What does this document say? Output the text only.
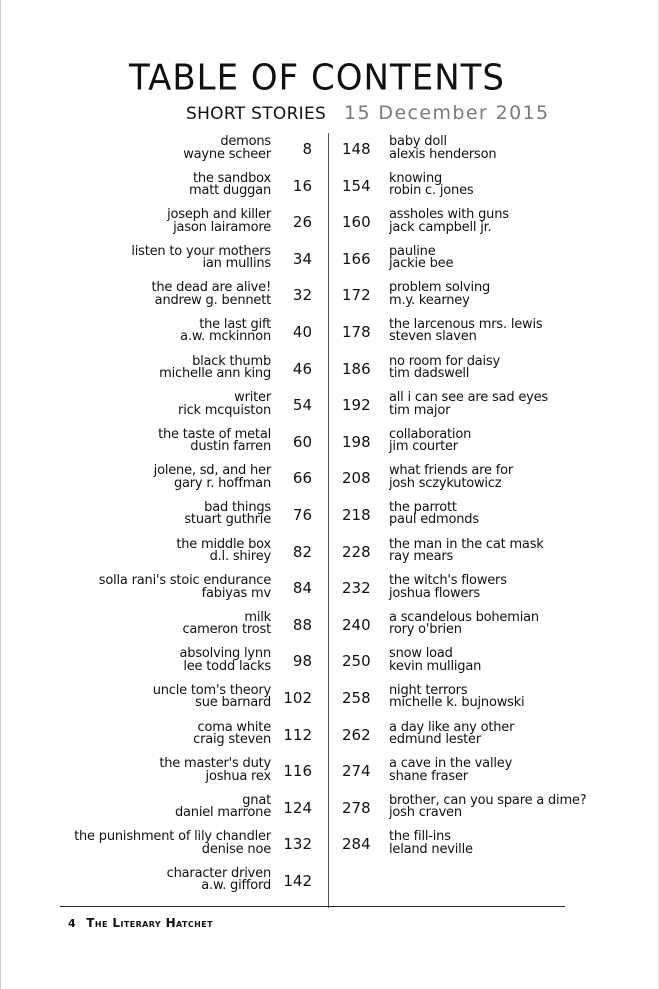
TABLE OF CONTENTS
SHORT STORIES 15 December 2015
demons
wayne scheer	8
the sandbox
matt duggan	16
joseph and killer
jason lairamore	26
listen to your mothers
ian mullins	34
the dead are alive!
andrew g. bennett	32
the last gift
a.w. mckinnon	40
black thumb
michelle ann king	46
writer
rick mcquiston	54
the taste of metal
dustin farren	60
jolene, sd, and her
gary r. hoffman	66
bad things
stuart guthrie	76
the middle box
d.l. shirey	82
solla rani's stoic endurance
fabiyas mv	84
milk
cameron trost	88
absolving lynn
lee todd lacks	98
uncle tom's theory
sue barnard 102
coma white
craig steven 112
the master's duty
joshua rex 116
gnat
daniel marrone 124
the punishment of lily chandler
denise noe 132
character driven
a.w. gifford 142
148 baby doll
alexis henderson
154 knowing
robin c. jones
160 assholes with guns
jack campbell jr.
166 pauline
jackie bee
172 problem solving
m.y. kearney
178 the larcenous mrs. lewis
steven slaven
186 no room for daisy
tim dadswell
192 all i can see are sad eyes
tim major
198 collaboration
jim courter
208 what friends are for
josh sczykutowicz
218 the parrott
paul edmonds
228 the man in the cat mask
ray mears
232 the witch's flowers
joshua flowers
240 a scandelous bohemian
rory o'brien
250 snow load
kevin mulligan
258 night terrors
michelle k. bujnowski
262 a day like any other
edmund lester
274 a cave in the valley
shane fraser
278 brother, can you spare a dime?
josh craven
284 the fill-ins
leland neville
4 The Literary Hatchet
